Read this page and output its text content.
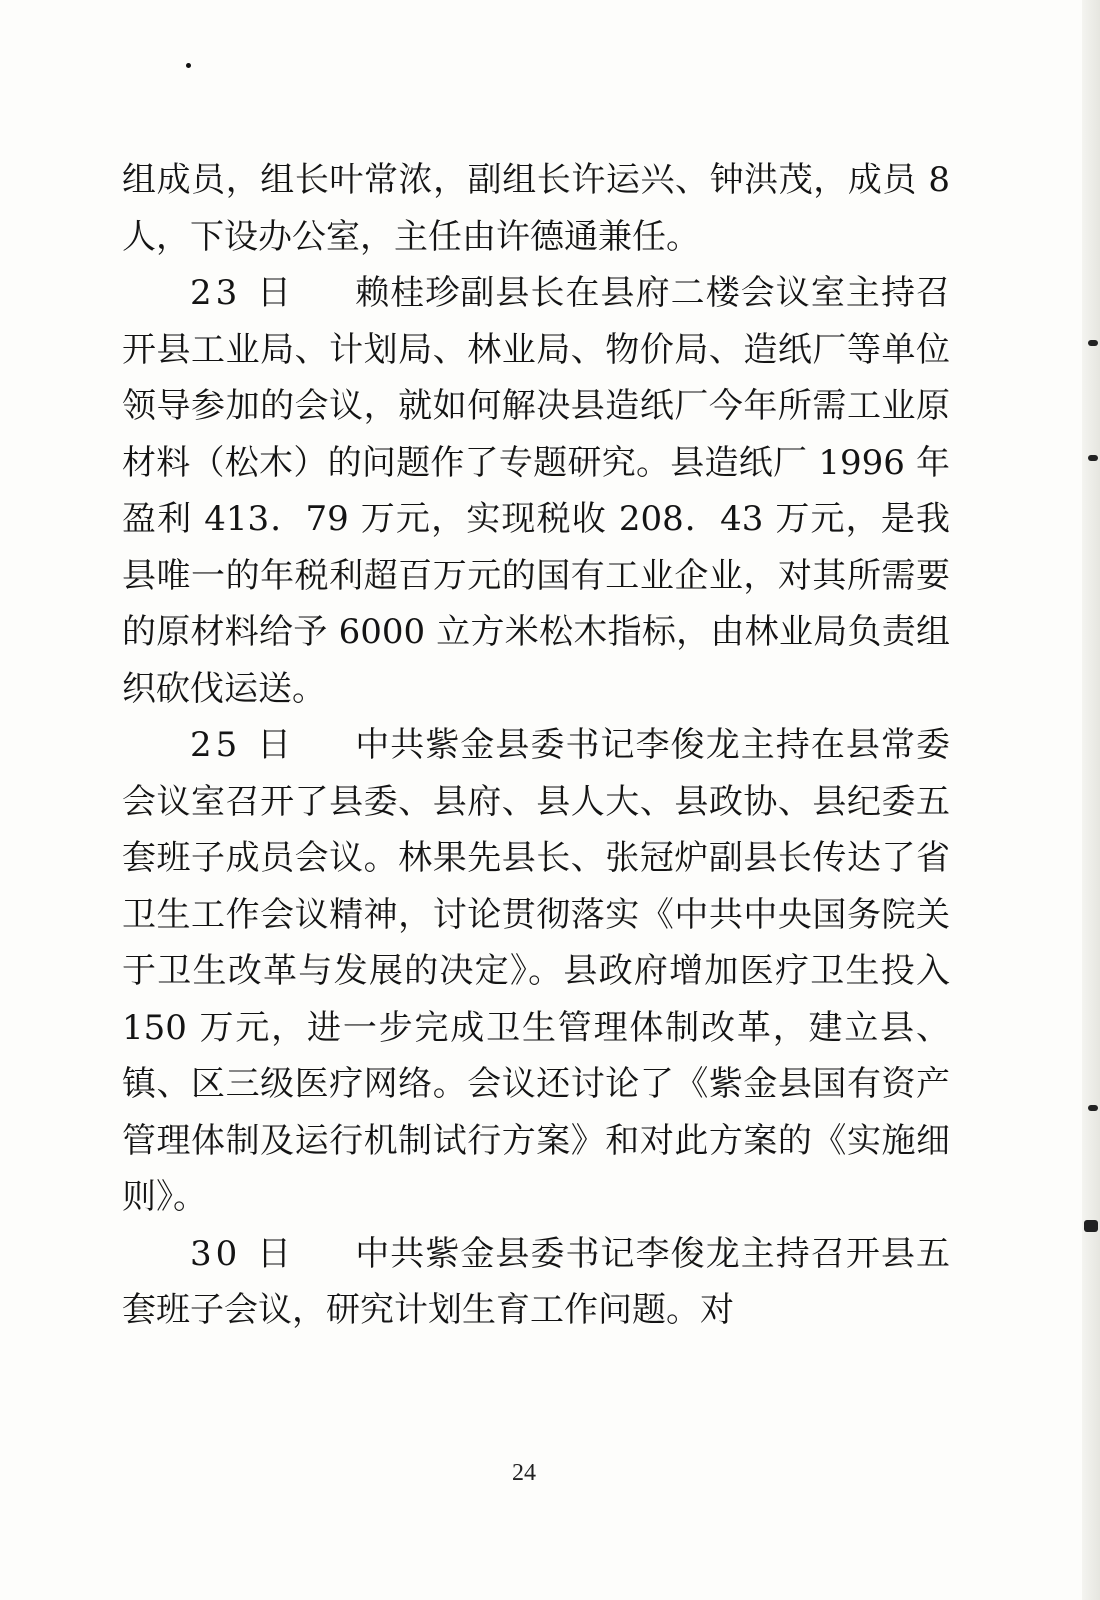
组成员，组长叶常浓，副组长许运兴、钟洪茂，成员 8 人，下设办公室，主任由许德通兼任。

23 日 赖桂珍副县长在县府二楼会议室主持召开县工业局、计划局、林业局、物价局、造纸厂等单位领导参加的会议，就如何解决县造纸厂今年所需工业原材料（松木）的问题作了专题研究。县造纸厂 1996 年盈利 413．79 万元，实现税收 208．43 万元，是我县唯一的年税利超百万元的国有工业企业，对其所需要的原材料给予 6000 立方米松木指标，由林业局负责组织砍伐运送。

25 日 中共紫金县委书记李俊龙主持在县常委会议室召开了县委、县府、县人大、县政协、县纪委五套班子成员会议。林果先县长、张冠炉副县长传达了省卫生工作会议精神，讨论贯彻落实《中共中央国务院关于卫生改革与发展的决定》。县政府增加医疗卫生投入 150 万元，进一步完成卫生管理体制改革，建立县、镇、区三级医疗网络。会议还讨论了《紫金县国有资产管理体制及运行机制试行方案》和对此方案的《实施细则》。

30 日 中共紫金县委书记李俊龙主持召开县五套班子会议，研究计划生育工作问题。对

24
